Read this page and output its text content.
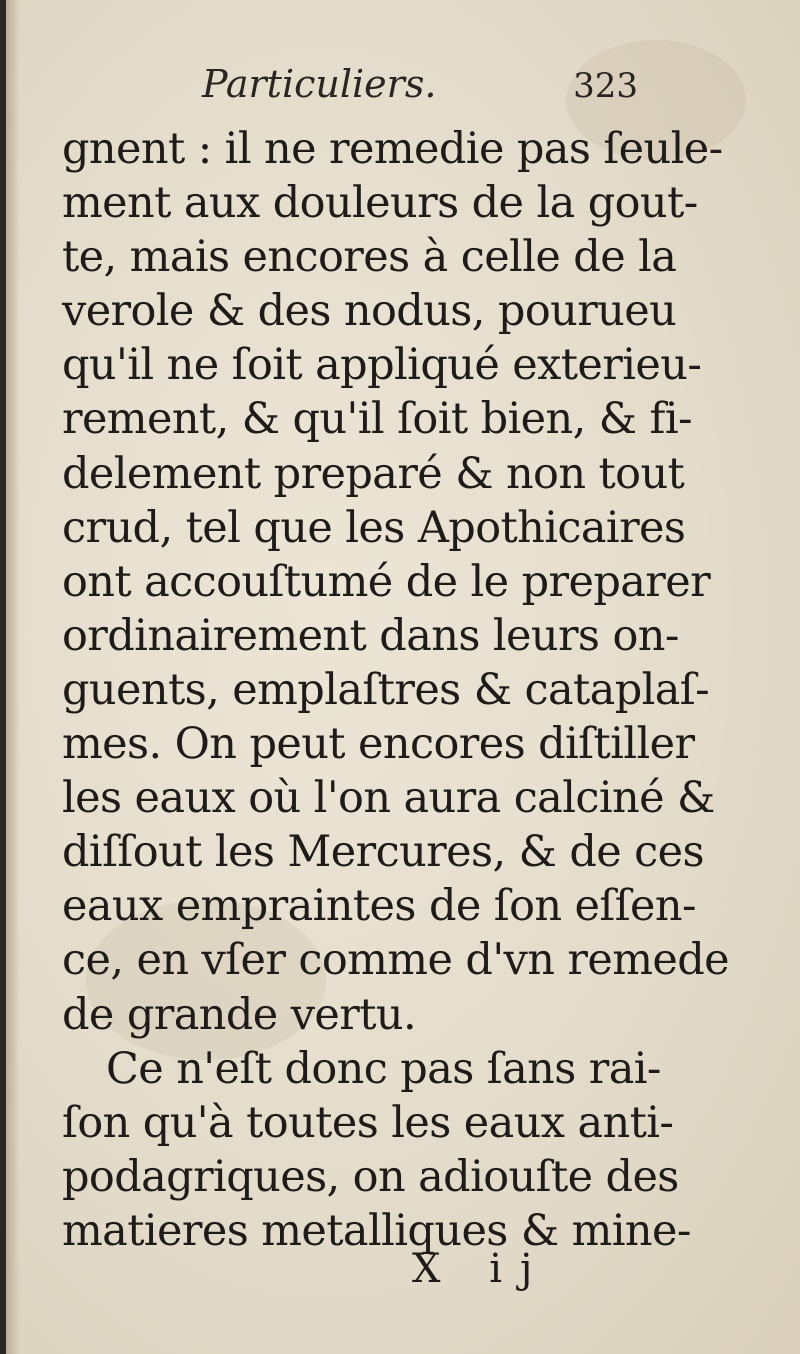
Particuliers.	323
gnent : il ne remedie pas ſeule-
ment aux douleurs de la gout-
te, mais encores à celle de la
verole & des nodus, pourueu
qu'il ne ſoit appliqué exterieu-
rement, & qu'il ſoit bien, & fi-
delement preparé & non tout
crud, tel que les Apothicaires
ont accouſtumé de le preparer
ordinairement dans leurs on-
guents, emplaſtres & cataplaſ-
mes. On peut encores diſtiller
les eaux où l'on aura calciné &
diſſout les Mercures, & de ces
eaux empraintes de ſon eſſen-
ce, en vſer comme d'vn remede
de grande vertu.
Ce n'eſt donc pas ſans rai-
ſon qu'à toutes les eaux anti-
podagriques, on adiouſte des
matieres metalliques & mine-
X ij
